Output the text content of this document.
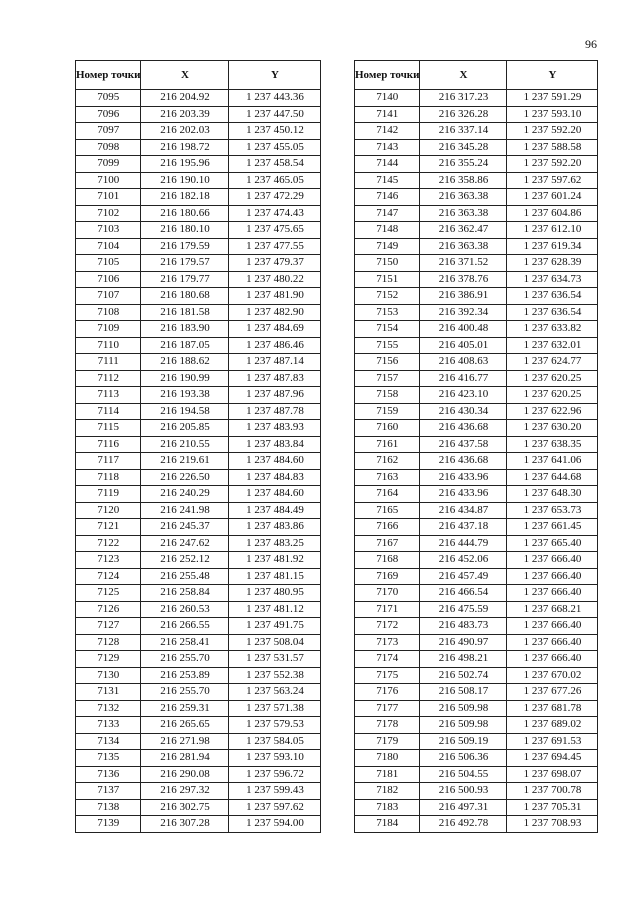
96
Номер точки	X	Y
7095	216 204.92	1 237 443.36
7096	216 203.39	1 237 447.50
7097	216 202.03	1 237 450.12
7098	216 198.72	1 237 455.05
7099	216 195.96	1 237 458.54
7100	216 190.10	1 237 465.05
7101	216 182.18	1 237 472.29
7102	216 180.66	1 237 474.43
7103	216 180.10	1 237 475.65
7104	216 179.59	1 237 477.55
7105	216 179.57	1 237 479.37
7106	216 179.77	1 237 480.22
7107	216 180.68	1 237 481.90
7108	216 181.58	1 237 482.90
7109	216 183.90	1 237 484.69
7110	216 187.05	1 237 486.46
7111	216 188.62	1 237 487.14
7112	216 190.99	1 237 487.83
7113	216 193.38	1 237 487.96
7114	216 194.58	1 237 487.78
7115	216 205.85	1 237 483.93
7116	216 210.55	1 237 483.84
7117	216 219.61	1 237 484.60
7118	216 226.50	1 237 484.83
7119	216 240.29	1 237 484.60
7120	216 241.98	1 237 484.49
7121	216 245.37	1 237 483.86
7122	216 247.62	1 237 483.25
7123	216 252.12	1 237 481.92
7124	216 255.48	1 237 481.15
7125	216 258.84	1 237 480.95
7126	216 260.53	1 237 481.12
7127	216 266.55	1 237 491.75
7128	216 258.41	1 237 508.04
7129	216 255.70	1 237 531.57
7130	216 253.89	1 237 552.38
7131	216 255.70	1 237 563.24
7132	216 259.31	1 237 571.38
7133	216 265.65	1 237 579.53
7134	216 271.98	1 237 584.05
7135	216 281.94	1 237 593.10
7136	216 290.08	1 237 596.72
7137	216 297.32	1 237 599.43
7138	216 302.75	1 237 597.62
7139	216 307.28	1 237 594.00
Номер точки	X	Y
7140	216 317.23	1 237 591.29
7141	216 326.28	1 237 593.10
7142	216 337.14	1 237 592.20
7143	216 345.28	1 237 588.58
7144	216 355.24	1 237 592.20
7145	216 358.86	1 237 597.62
7146	216 363.38	1 237 601.24
7147	216 363.38	1 237 604.86
7148	216 362.47	1 237 612.10
7149	216 363.38	1 237 619.34
7150	216 371.52	1 237 628.39
7151	216 378.76	1 237 634.73
7152	216 386.91	1 237 636.54
7153	216 392.34	1 237 636.54
7154	216 400.48	1 237 633.82
7155	216 405.01	1 237 632.01
7156	216 408.63	1 237 624.77
7157	216 416.77	1 237 620.25
7158	216 423.10	1 237 620.25
7159	216 430.34	1 237 622.96
7160	216 436.68	1 237 630.20
7161	216 437.58	1 237 638.35
7162	216 436.68	1 237 641.06
7163	216 433.96	1 237 644.68
7164	216 433.96	1 237 648.30
7165	216 434.87	1 237 653.73
7166	216 437.18	1 237 661.45
7167	216 444.79	1 237 665.40
7168	216 452.06	1 237 666.40
7169	216 457.49	1 237 666.40
7170	216 466.54	1 237 666.40
7171	216 475.59	1 237 668.21
7172	216 483.73	1 237 666.40
7173	216 490.97	1 237 666.40
7174	216 498.21	1 237 666.40
7175	216 502.74	1 237 670.02
7176	216 508.17	1 237 677.26
7177	216 509.98	1 237 681.78
7178	216 509.98	1 237 689.02
7179	216 509.19	1 237 691.53
7180	216 506.36	1 237 694.45
7181	216 504.55	1 237 698.07
7182	216 500.93	1 237 700.78
7183	216 497.31	1 237 705.31
7184	216 492.78	1 237 708.93
